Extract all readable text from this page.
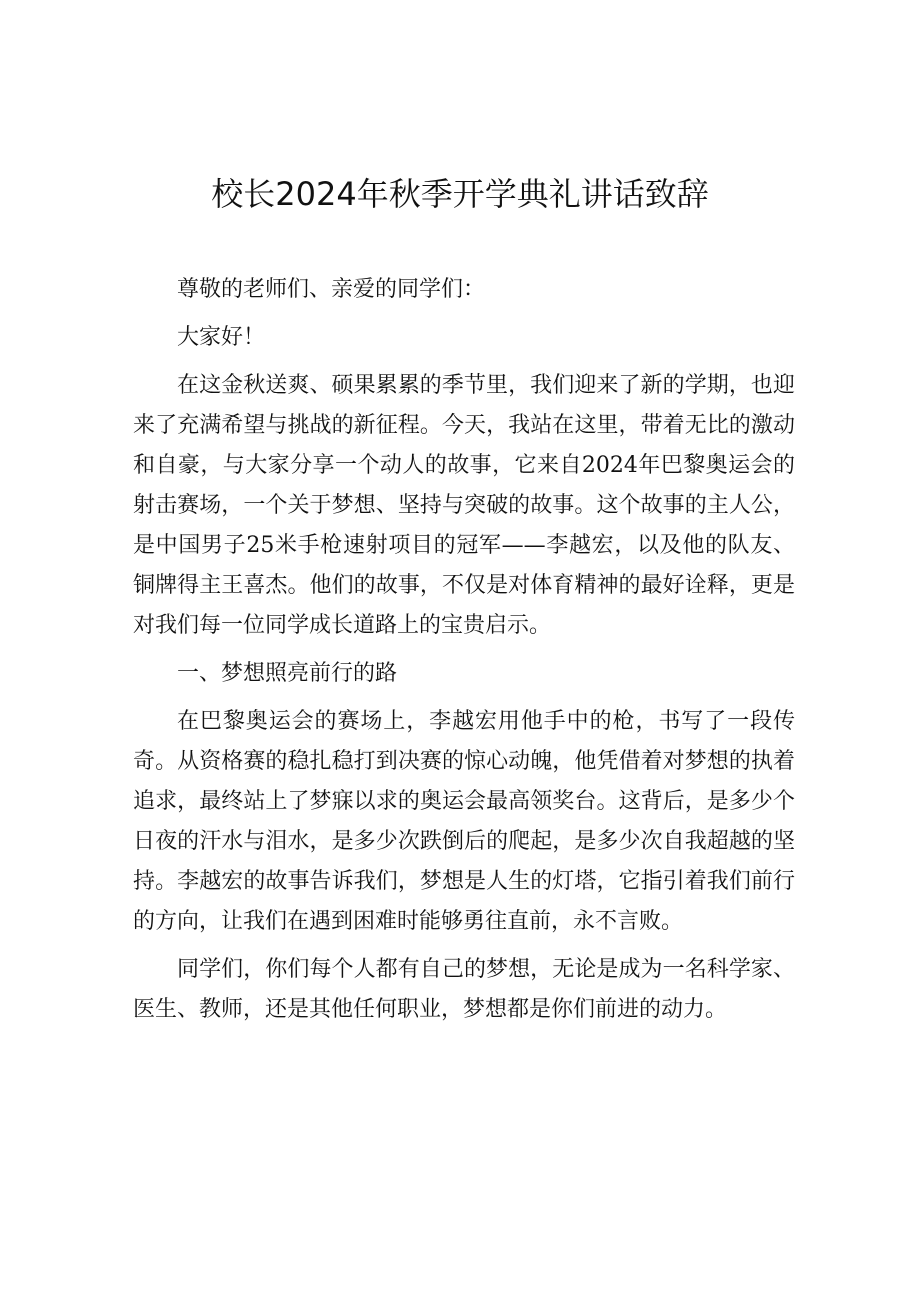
校长2024年秋季开学典礼讲话致辞

尊敬的老师们、亲爱的同学们：

大家好！

在这金秋送爽、硕果累累的季节里，我们迎来了新的学期，也迎来了充满希望与挑战的新征程。今天，我站在这里，带着无比的激动和自豪，与大家分享一个动人的故事，它来自2024年巴黎奥运会的射击赛场，一个关于梦想、坚持与突破的故事。这个故事的主人公，是中国男子25米手枪速射项目的冠军——李越宏，以及他的队友、铜牌得主王喜杰。他们的故事，不仅是对体育精神的最好诠释，更是对我们每一位同学成长道路上的宝贵启示。

一、梦想照亮前行的路

在巴黎奥运会的赛场上，李越宏用他手中的枪，书写了一段传奇。从资格赛的稳扎稳打到决赛的惊心动魄，他凭借着对梦想的执着追求，最终站上了梦寐以求的奥运会最高领奖台。这背后，是多少个日夜的汗水与泪水，是多少次跌倒后的爬起，是多少次自我超越的坚持。李越宏的故事告诉我们，梦想是人生的灯塔，它指引着我们前行的方向，让我们在遇到困难时能够勇往直前，永不言败。

同学们，你们每个人都有自己的梦想，无论是成为一名科学家、医生、教师，还是其他任何职业，梦想都是你们前进的动力。
